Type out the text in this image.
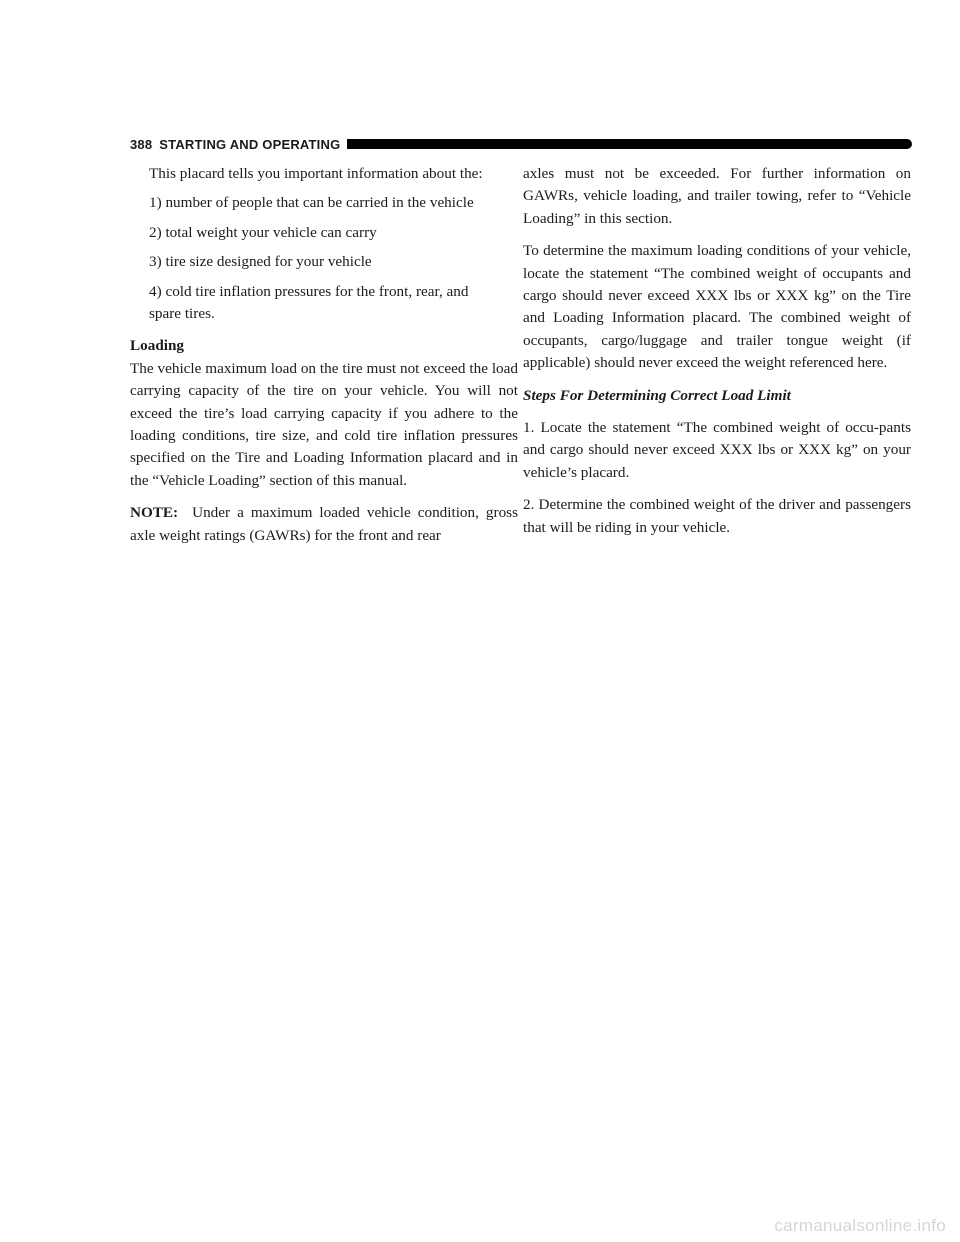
388 STARTING AND OPERATING
This placard tells you important information about the:
1) number of people that can be carried in the vehicle
2) total weight your vehicle can carry
3) tire size designed for your vehicle
4) cold tire inflation pressures for the front, rear, and spare tires.
Loading
The vehicle maximum load on the tire must not exceed the load carrying capacity of the tire on your vehicle. You will not exceed the tire’s load carrying capacity if you adhere to the loading conditions, tire size, and cold tire inflation pressures specified on the Tire and Loading Information placard and in the “Vehicle Loading” section of this manual.
NOTE: Under a maximum loaded vehicle condition, gross axle weight ratings (GAWRs) for the front and rear
axles must not be exceeded. For further information on GAWRs, vehicle loading, and trailer towing, refer to “Vehicle Loading” in this section.
To determine the maximum loading conditions of your vehicle, locate the statement “The combined weight of occupants and cargo should never exceed XXX lbs or XXX kg” on the Tire and Loading Information placard. The combined weight of occupants, cargo/luggage and trailer tongue weight (if applicable) should never exceed the weight referenced here.
Steps For Determining Correct Load Limit
1. Locate the statement “The combined weight of occu-pants and cargo should never exceed XXX lbs or XXX kg” on your vehicle’s placard.
2. Determine the combined weight of the driver and passengers that will be riding in your vehicle.
carmanualsonline.info
